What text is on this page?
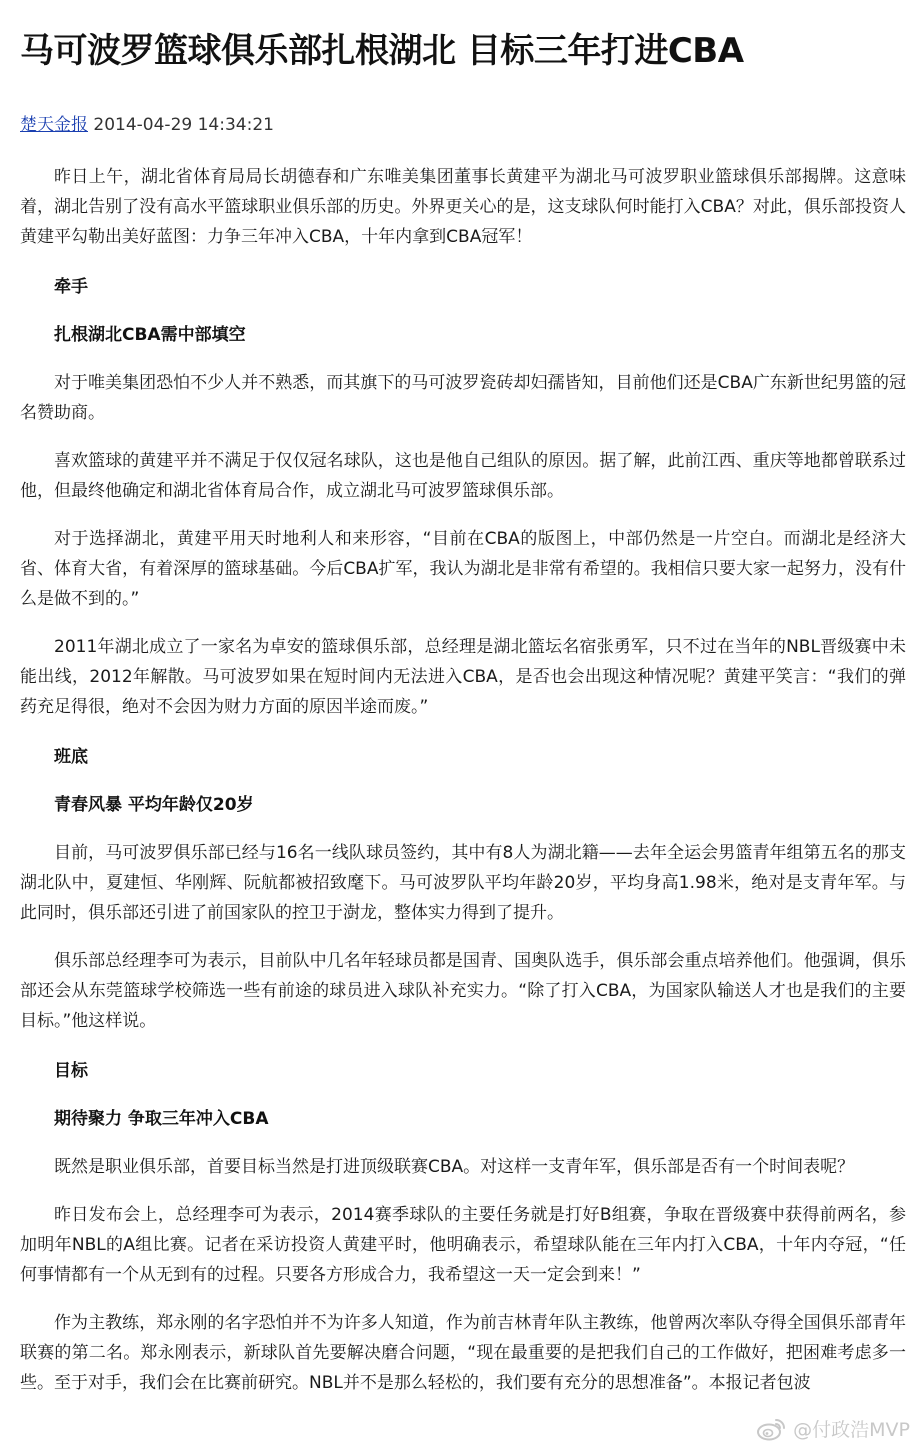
马可波罗篮球俱乐部扎根湖北 目标三年打进CBA
楚天金报 2014-04-29 14:34:21

昨日上午，湖北省体育局局长胡德春和广东唯美集团董事长黄建平为湖北马可波罗职业篮球俱乐部揭牌。这意味着，湖北告别了没有高水平篮球职业俱乐部的历史。外界更关心的是，这支球队何时能打入CBA？对此，俱乐部投资人黄建平勾勒出美好蓝图：力争三年冲入CBA，十年内拿到CBA冠军！

牵手
扎根湖北CBA需中部填空

对于唯美集团恐怕不少人并不熟悉，而其旗下的马可波罗瓷砖却妇孺皆知，目前他们还是CBA广东新世纪男篮的冠名赞助商。

喜欢篮球的黄建平并不满足于仅仅冠名球队，这也是他自己组队的原因。据了解，此前江西、重庆等地都曾联系过他，但最终他确定和湖北省体育局合作，成立湖北马可波罗篮球俱乐部。

对于选择湖北，黄建平用天时地利人和来形容，“目前在CBA的版图上，中部仍然是一片空白。而湖北是经济大省、体育大省，有着深厚的篮球基础。今后CBA扩军，我认为湖北是非常有希望的。我相信只要大家一起努力，没有什么是做不到的。”

2011年湖北成立了一家名为卓安的篮球俱乐部，总经理是湖北篮坛名宿张勇军，只不过在当年的NBL晋级赛中未能出线，2012年解散。马可波罗如果在短时间内无法进入CBA，是否也会出现这种情况呢？黄建平笑言：“我们的弹药充足得很，绝对不会因为财力方面的原因半途而废。”

班底
青春风暴 平均年龄仅20岁

目前，马可波罗俱乐部已经与16名一线队球员签约，其中有8人为湖北籍——去年全运会男篮青年组第五名的那支湖北队中，夏建恒、华刚辉、阮航都被招致麾下。马可波罗队平均年龄20岁，平均身高1.98米，绝对是支青年军。与此同时，俱乐部还引进了前国家队的控卫于澍龙，整体实力得到了提升。

俱乐部总经理李可为表示，目前队中几名年轻球员都是国青、国奥队选手，俱乐部会重点培养他们。他强调，俱乐部还会从东莞篮球学校筛选一些有前途的球员进入球队补充实力。“除了打入CBA，为国家队输送人才也是我们的主要目标。”他这样说。

目标
期待聚力 争取三年冲入CBA

既然是职业俱乐部，首要目标当然是打进顶级联赛CBA。对这样一支青年军，俱乐部是否有一个时间表呢？

昨日发布会上，总经理李可为表示，2014赛季球队的主要任务就是打好B组赛，争取在晋级赛中获得前两名，参加明年NBL的A组比赛。记者在采访投资人黄建平时，他明确表示，希望球队能在三年内打入CBA，十年内夺冠，“任何事情都有一个从无到有的过程。只要各方形成合力，我希望这一天一定会到来！”

作为主教练，郑永刚的名字恐怕并不为许多人知道，作为前吉林青年队主教练，他曾两次率队夺得全国俱乐部青年联赛的第二名。郑永刚表示，新球队首先要解决磨合问题，“现在最重要的是把我们自己的工作做好，把困难考虑多一些。至于对手，我们会在比赛前研究。NBL并不是那么轻松的，我们要有充分的思想准备”。本报记者包波

@付政浩MVP
